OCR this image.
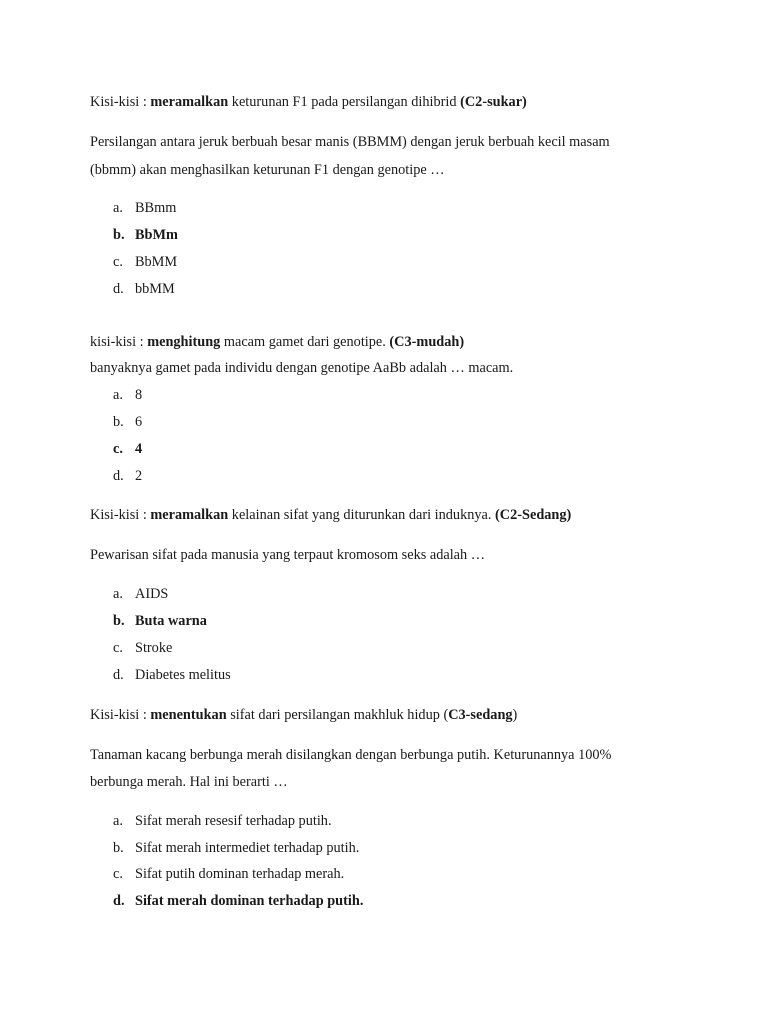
Kisi-kisi : meramalkan keturunan F1 pada persilangan dihibrid (C2-sukar)
Persilangan antara jeruk berbuah besar manis (BBMM) dengan jeruk berbuah kecil masam
(bbmm) akan menghasilkan keturunan F1 dengan genotipe …
a. BBmm
b. BbMm
c. BbMM
d. bbMM
kisi-kisi : menghitung macam gamet dari genotipe. (C3-mudah)
banyaknya gamet pada individu dengan genotipe AaBb adalah … macam.
a. 8
b. 6
c. 4
d. 2
Kisi-kisi : meramalkan kelainan sifat yang diturunkan dari induknya. (C2-Sedang)
Pewarisan sifat pada manusia yang terpaut kromosom seks adalah …
a. AIDS
b. Buta warna
c. Stroke
d. Diabetes melitus
Kisi-kisi : menentukan sifat dari persilangan makhluk hidup (C3-sedang)
Tanaman kacang berbunga merah disilangkan dengan berbunga putih. Keturunannya 100%
berbunga merah. Hal ini berarti …
a. Sifat merah resesif terhadap putih.
b. Sifat merah intermediet terhadap putih.
c. Sifat putih dominan terhadap merah.
d. Sifat merah dominan terhadap putih.
